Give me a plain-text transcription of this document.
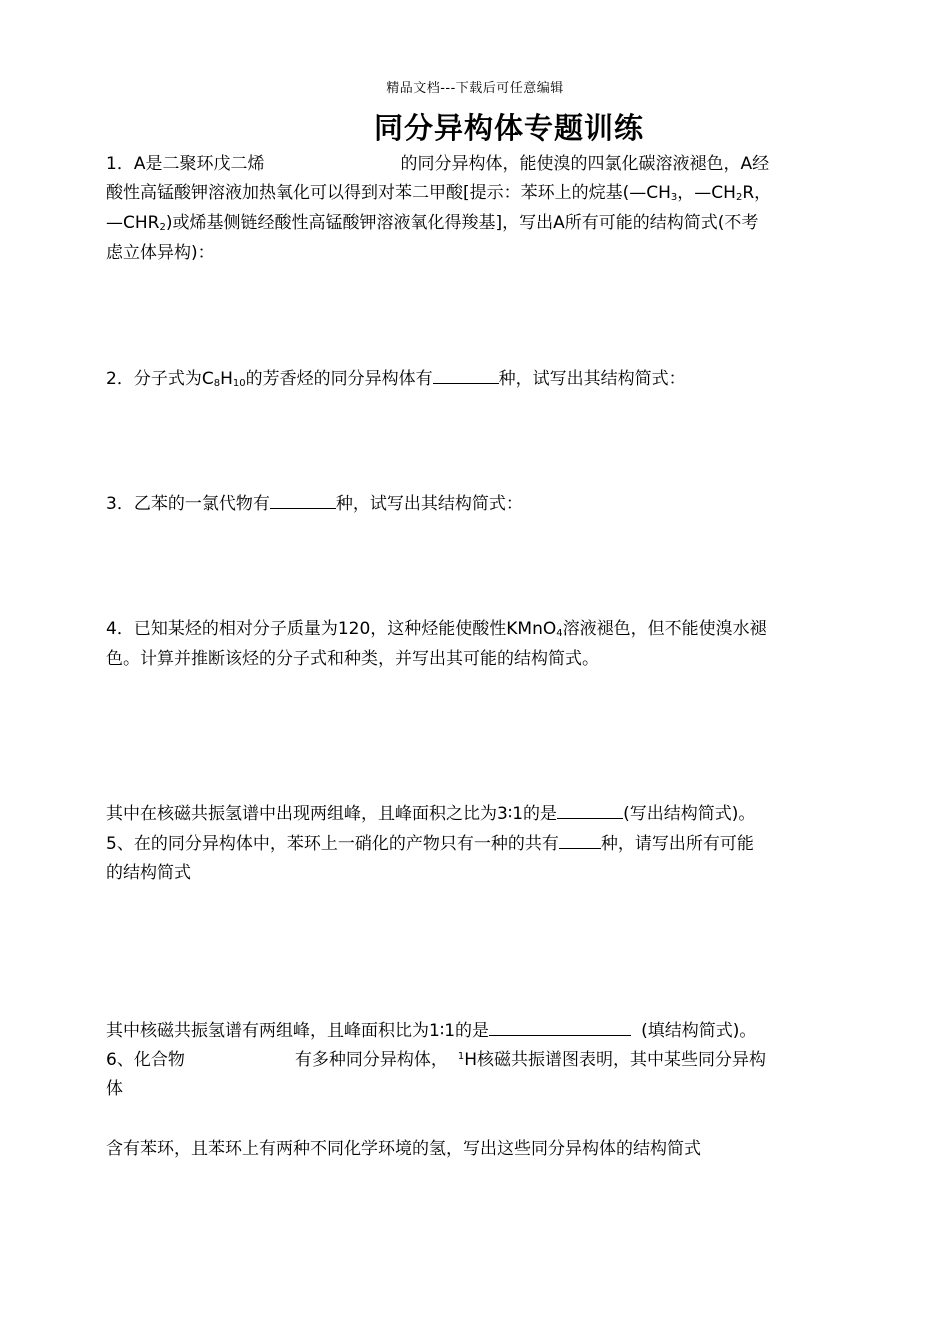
精品文档---下载后可任意编辑
同分异构体专题训练
1．A是二聚环戊二烯	的同分异构体，能使溴的四氯化碳溶液褪色，A经
酸性高锰酸钾溶液加热氧化可以得到对苯二甲酸[提示：苯环上的烷基($—CH_3$，$—CH_2R$，
$—CHR_2$)或烯基侧链经酸性高锰酸钾溶液氧化得羧基]，写出A所有可能的结构简式(不考
虑立体异构)：
2．分子式为$C_8H_{10}$的芳香烃的同分异构体有	种，试写出其结构简式：
3．乙苯的一氯代物有	种，试写出其结构简式：
4．已知某烃的相对分子质量为120，这种烃能使酸性KMnO$_4$溶液褪色，但不能使溴水褪
色。计算并推断该烃的分子式和种类，并写出其可能的结构简式。
其中在核磁共振氢谱中出现两组峰，且峰面积之比为3∶1的是	(写出结构简式)。
5、在的同分异构体中，苯环上一硝化的产物只有一种的共有 种，请写出所有可能
的结构简式
其中核磁共振氢谱有两组峰，且峰面积比为1∶1的是	(填结构简式)。
6、化合物	有多种同分异构体， $^1$H核磁共振谱图表明，其中某些同分异构
体
含有苯环，且苯环上有两种不同化学环境的氢，写出这些同分异构体的结构简式
